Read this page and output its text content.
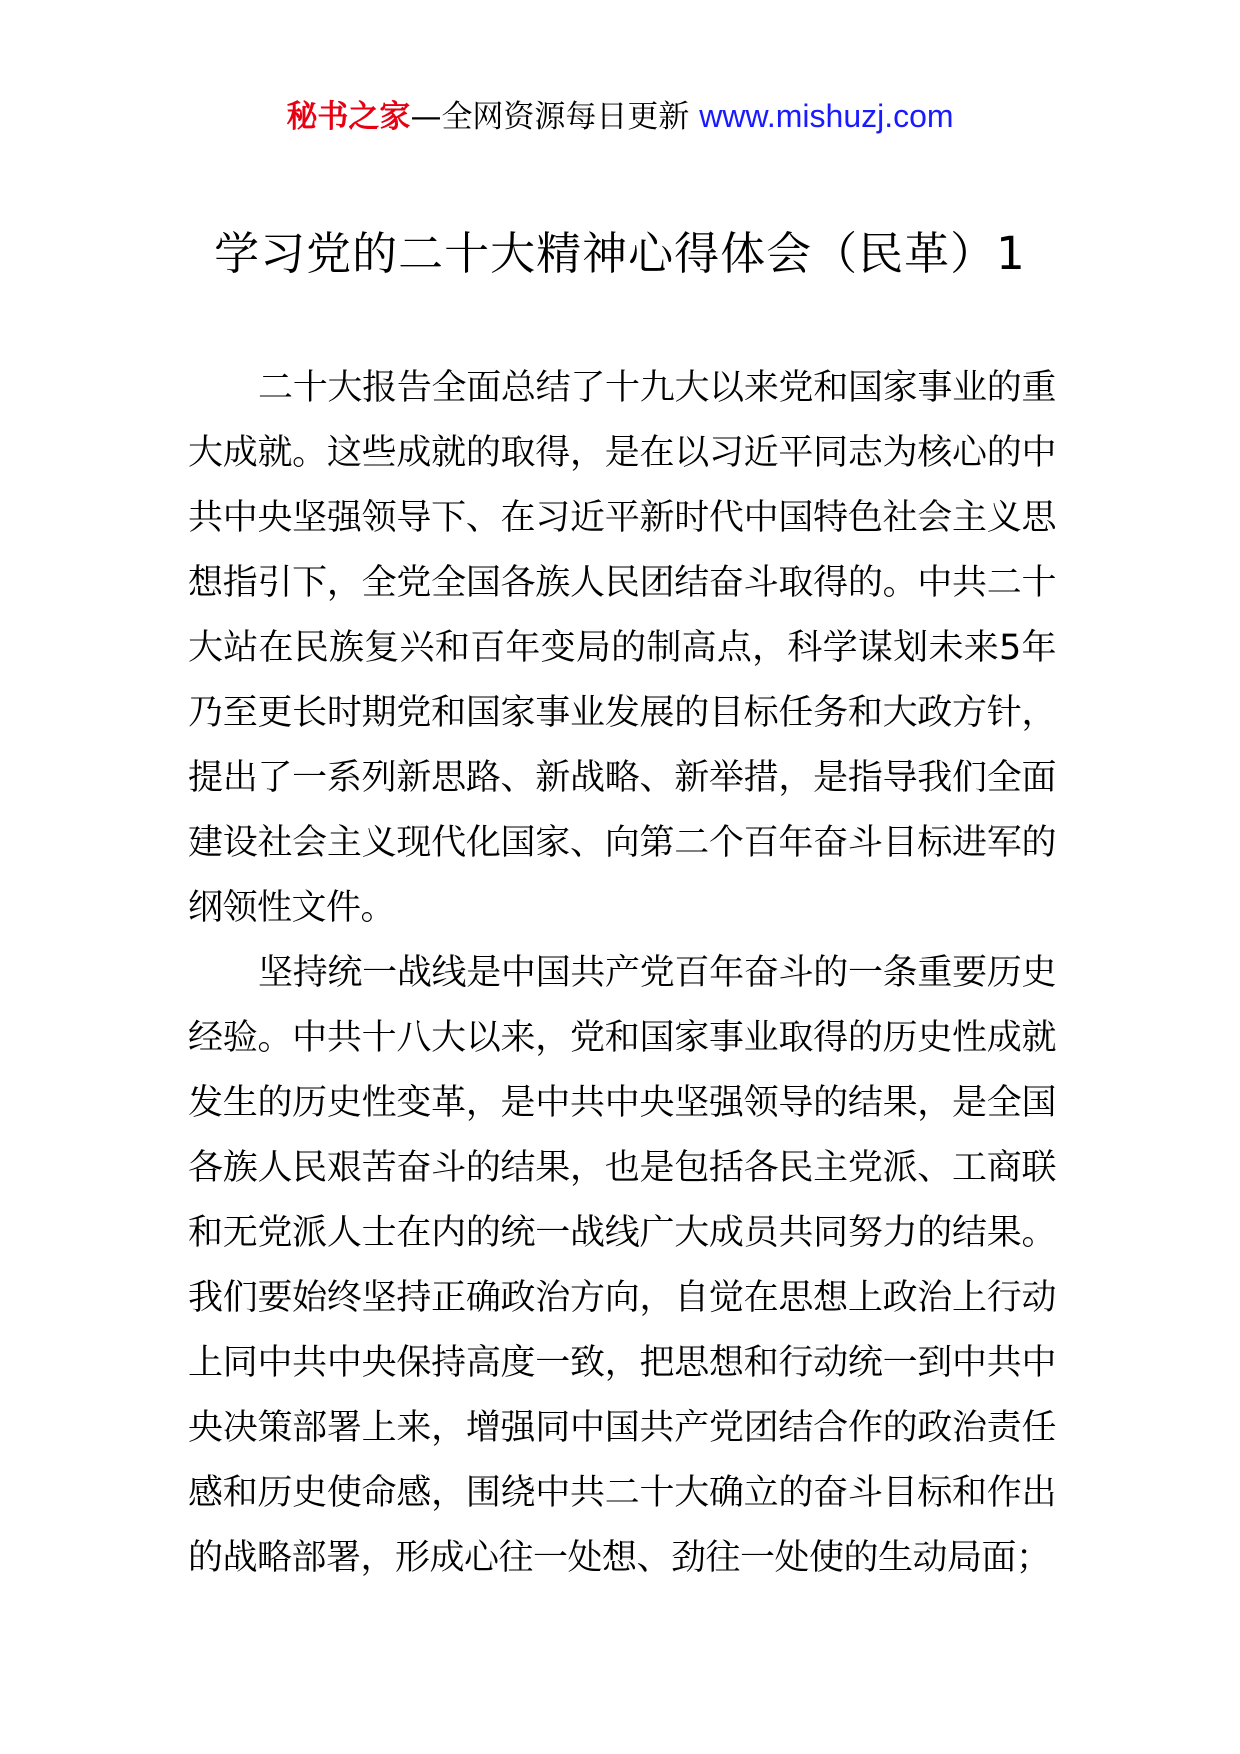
秘书之家—全网资源每日更新 www.mishuzj.com
学习党的二十大精神心得体会（民革）1

二十大报告全面总结了十九大以来党和国家事业的重大成就。这些成就的取得，是在以习近平同志为核心的中共中央坚强领导下、在习近平新时代中国特色社会主义思想指引下，全党全国各族人民团结奋斗取得的。中共二十大站在民族复兴和百年变局的制高点，科学谋划未来5年乃至更长时期党和国家事业发展的目标任务和大政方针，提出了一系列新思路、新战略、新举措，是指导我们全面建设社会主义现代化国家、向第二个百年奋斗目标进军的纲领性文件。

坚持统一战线是中国共产党百年奋斗的一条重要历史经验。中共十八大以来，党和国家事业取得的历史性成就发生的历史性变革，是中共中央坚强领导的结果，是全国各族人民艰苦奋斗的结果，也是包括各民主党派、工商联和无党派人士在内的统一战线广大成员共同努力的结果。我们要始终坚持正确政治方向，自觉在思想上政治上行动上同中共中央保持高度一致，把思想和行动统一到中共中央决策部署上来，增强同中国共产党团结合作的政治责任感和历史使命感，围绕中共二十大确立的奋斗目标和作出的战略部署，形成心往一处想、劲往一处使的生动局面；
